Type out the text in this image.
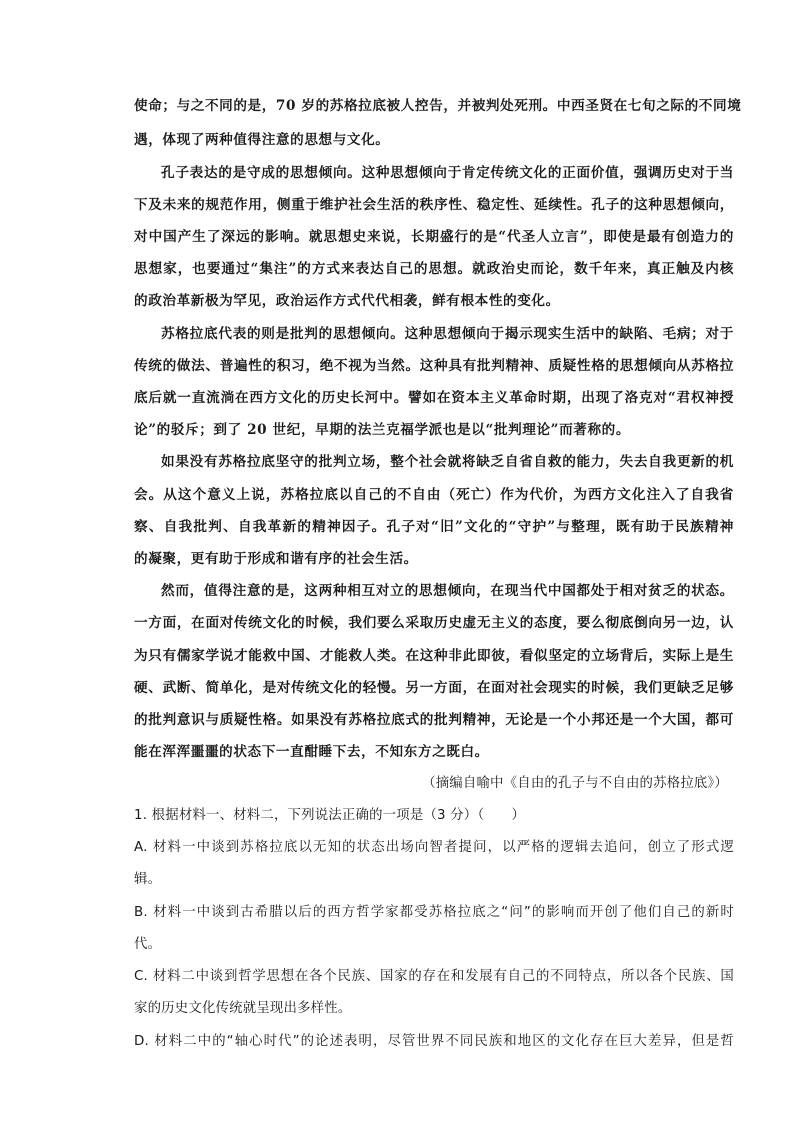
使命；与之不同的是，70 岁的苏格拉底被人控告，并被判处死刑。中西圣贤在七旬之际的不同境
遇，体现了两种值得注意的思想与文化。
孔子表达的是守成的思想倾向。这种思想倾向于肯定传统文化的正面价值，强调历史对于当
下及未来的规范作用，侧重于维护社会生活的秩序性、稳定性、延续性。孔子的这种思想倾向，
对中国产生了深远的影响。就思想史来说，长期盛行的是“代圣人立言”，即使是最有创造力的
思想家，也要通过“集注”的方式来表达自己的思想。就政治史而论，数千年来，真正触及内核
的政治革新极为罕见，政治运作方式代代相袭，鲜有根本性的变化。
苏格拉底代表的则是批判的思想倾向。这种思想倾向于揭示现实生活中的缺陷、毛病；对于
传统的做法、普遍性的积习，绝不视为当然。这种具有批判精神、质疑性格的思想倾向从苏格拉
底后就一直流淌在西方文化的历史长河中。譬如在资本主义革命时期，出现了洛克对“君权神授
论”的驳斥；到了 20 世纪，早期的法兰克福学派也是以“批判理论”而著称的。
如果没有苏格拉底坚守的批判立场，整个社会就将缺乏自省自救的能力，失去自我更新的机
会。从这个意义上说，苏格拉底以自己的不自由（死亡）作为代价，为西方文化注入了自我省
察、自我批判、自我革新的精神因子。孔子对“旧”文化的“守护”与整理，既有助于民族精神
的凝聚，更有助于形成和谐有序的社会生活。
然而，值得注意的是，这两种相互对立的思想倾向，在现当代中国都处于相对贫乏的状态。
一方面，在面对传统文化的时候，我们要么采取历史虚无主义的态度，要么彻底倒向另一边，认
为只有儒家学说才能救中国、才能救人类。在这种非此即彼，看似坚定的立场背后，实际上是生
硬、武断、简单化，是对传统文化的轻慢。另一方面，在面对社会现实的时候，我们更缺乏足够
的批判意识与质疑性格。如果没有苏格拉底式的批判精神，无论是一个小邦还是一个大国，都可
能在浑浑噩噩的状态下一直酣睡下去，不知东方之既白。
（摘编自喻中《自由的孔子与不自由的苏格拉底》）
1. 根据材料一、材料二，下列说法正确的一项是（3 分）（　　）
A. 材料一中谈到苏格拉底以无知的状态出场向智者提问，以严格的逻辑去追问，创立了形式逻
辑。
B. 材料一中谈到古希腊以后的西方哲学家都受苏格拉底之“问”的影响而开创了他们自己的新时
代。
C. 材料二中谈到哲学思想在各个民族、国家的存在和发展有自己的不同特点，所以各个民族、国
家的历史文化传统就呈现出多样性。
D. 材料二中的“轴心时代”的论述表明，尽管世界不同民族和地区的文化存在巨大差异，但是哲
